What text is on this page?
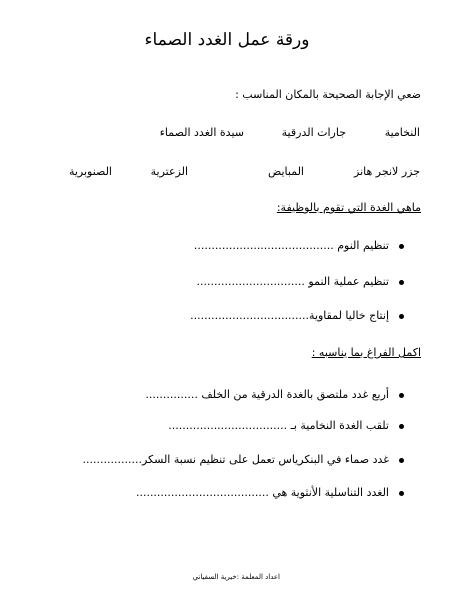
ورقة عمل الغدد الصماء
ضعي الإجابة الصحيحة بالمكان المناسب :
النخامية
جارات الدرقية
سيدة الغدد الصماء
جزر لانجر هانز
المبايض
الزعترية
الصنوبرية
ماهي الغدة التي تقوم بالوظيفة:
تنظيم النوم ........................................
تنظيم عملية النمو ...............................
إنتاج خاليا لمقاوية..................................
اكمل الفراغ بما يناسبه :
أربع غدد ملتصق بالغدة الدرقية من الخلف ...............
تلقب الغدة النخامية بـ ..................................
غدد صماء في البنكرياس تعمل على تنظيم نسبة السكر.................
الغدد التناسلية الأنثوية هي ......................................
اعداد المعلمة :خيرية السفياني
